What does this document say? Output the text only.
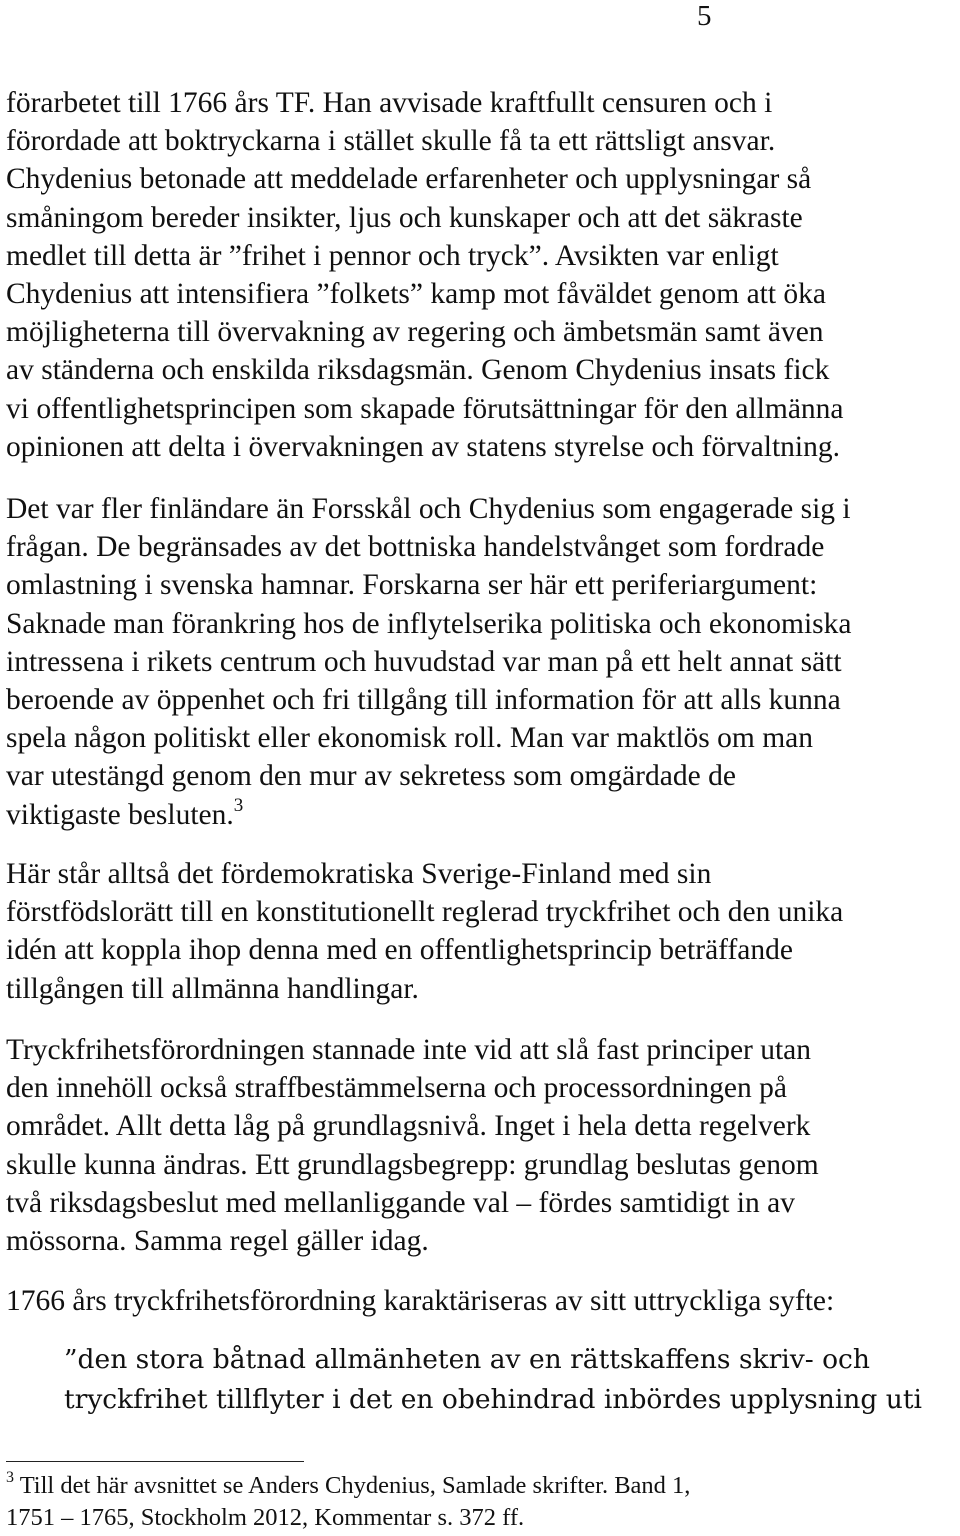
5
förarbetet till 1766 års TF. Han avvisade kraftfullt censuren och i
förordade att boktryckarna i stället skulle få ta ett rättsligt ansvar.
Chydenius betonade att meddelade erfarenheter och upplysningar så
småningom bereder insikter, ljus och kunskaper och att det säkraste
medlet till detta är ”frihet i pennor och tryck”. Avsikten var enligt
Chydenius att intensifiera ”folkets” kamp mot fåväldet genom att öka
möjligheterna till övervakning av regering och ämbetsmän samt även
av ständerna och enskilda riksdagsmän. Genom Chydenius insats fick
vi offentlighetsprincipen som skapade förutsättningar för den allmänna
opinionen att delta i övervakningen av statens styrelse och förvaltning.
Det var fler finländare än Forsskål och Chydenius som engagerade sig i
frågan. De begränsades av det bottniska handelstvånget som fordrade
omlastning i svenska hamnar. Forskarna ser här ett periferiargument:
Saknade man förankring hos de inflytelserika politiska och ekonomiska
intressena i rikets centrum och huvudstad var man på ett helt annat sätt
beroende av öppenhet och fri tillgång till information för att alls kunna
spela någon politiskt eller ekonomisk roll. Man var maktlös om man
var utestängd genom den mur av sekretess som omgärdade de
viktigaste besluten.$^3$
Här står alltså det fördemokratiska Sverige-Finland med sin
förstfödslorätt till en konstitutionellt reglerad tryckfrihet och den unika
idén att koppla ihop denna med en offentlighetsprincip beträffande
tillgången till allmänna handlingar.
Tryckfrihetsförordningen stannade inte vid att slå fast principer utan
den innehöll också straffbestämmelserna och processordningen på
området. Allt detta låg på grundlagsnivå. Inget i hela detta regelverk
skulle kunna ändras. Ett grundlagsbegrepp: grundlag beslutas genom
två riksdagsbeslut med mellanliggande val – fördes samtidigt in av
mössorna. Samma regel gäller idag.
1766 års tryckfrihetsförordning karaktäriseras av sitt uttryckliga syfte:
”den stora båtnad allmänheten av en rättskaffens skriv- och
tryckfrihet tillflyter i det en obehindrad inbördes upplysning uti
$^3$ Till det här avsnittet se Anders Chydenius, Samlade skrifter. Band 1,
1751 – 1765, Stockholm 2012, Kommentar s. 372 ff.
